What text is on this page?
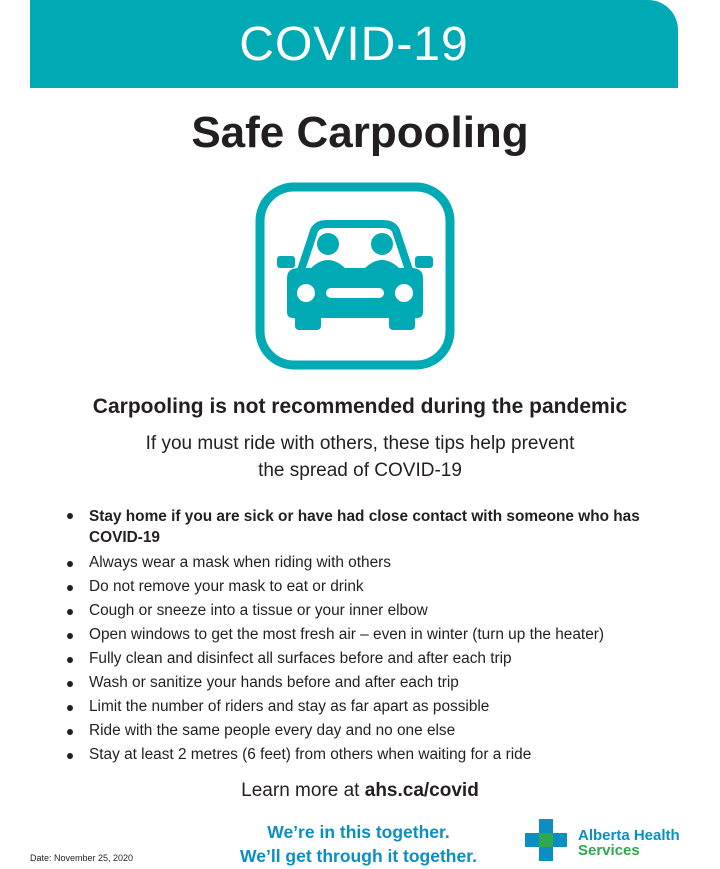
COVID-19
Safe Carpooling
Carpooling is not recommended during the pandemic
If you must ride with others, these tips help prevent
the spread of COVID-19
Stay home if you are sick or have had close contact with someone who has COVID-19
Always wear a mask when riding with others
Do not remove your mask to eat or drink
Cough or sneeze into a tissue or your inner elbow
Open windows to get the most fresh air – even in winter (turn up the heater)
Fully clean and disinfect all surfaces before and after each trip
Wash or sanitize your hands before and after each trip
Limit the number of riders and stay as far apart as possible
Ride with the same people every day and no one else
Stay at least 2 metres (6 feet) from others when waiting for a ride
Learn more at ahs.ca/covid
We’re in this together.
We’ll get through it together.
Date: November 25, 2020
Alberta Health
Services
